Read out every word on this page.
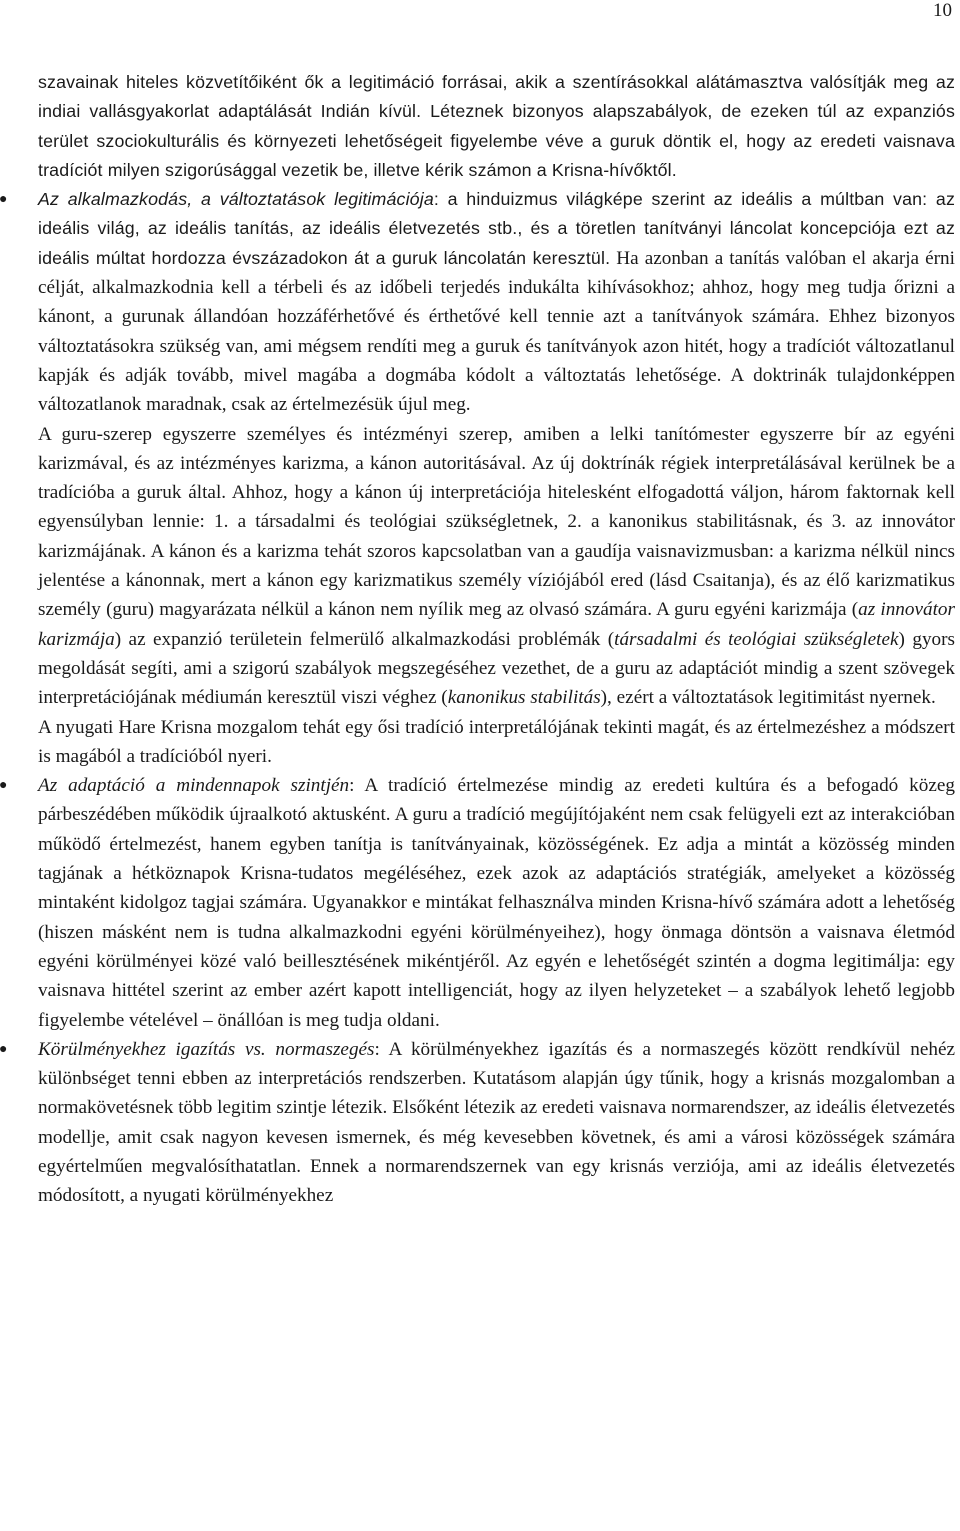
10

szavainak hiteles közvetítőiként ők a legitimáció forrásai, akik a szentírásokkal alátámasztva valósítják meg az indiai vallásgyakorlat adaptálását Indián kívül. Léteznek bizonyos alapszabályok, de ezeken túl az expanziós terület szociokulturális és környezeti lehetőségeit figyelembe véve a guruk döntik el, hogy az eredeti vaisnava tradíciót milyen szigorúsággal vezetik be, illetve kérik számon a Krisna-hívőktől.

●

Az alkalmazkodás, a változtatások legitimációja: a hinduizmus világképe szerint az ideális a múltban van: az ideális világ, az ideális tanítás, az ideális életvezetés stb., és a töretlen tanítványi láncolat koncepciója ezt az ideális múltat hordozza évszázadokon át a guruk láncolatán keresztül. Ha azonban a tanítás valóban el akarja érni célját, alkalmazkodnia kell a térbeli és az időbeli terjedés indukálta kihívásokhoz; ahhoz, hogy meg tudja őrizni a kánont, a gurunak állandóan hozzáférhetővé és érthetővé kell tennie azt a tanítványok számára. Ehhez bizonyos változtatásokra szükség van, ami mégsem rendíti meg a guruk és tanítványok azon hitét, hogy a tradíciót változatlanul kapják és adják tovább, mivel magába a dogmába kódolt a változtatás lehetősége. A doktrinák tulajdonképpen változatlanok maradnak, csak az értelmezésük újul meg.

A guru-szerep egyszerre személyes és intézményi szerep, amiben a lelki tanítómester egyszerre bír az egyéni karizmával, és az intézményes karizma, a kánon autoritásával. Az új doktrínák régiek interpretálásával kerülnek be a tradícióba a guruk által. Ahhoz, hogy a kánon új interpretációja hitelesként elfogadottá váljon, három faktornak kell egyensúlyban lennie: 1. a társadalmi és teológiai szükségletnek, 2. a kanonikus stabilitásnak, és 3. az innovátor karizmájának. A kánon és a karizma tehát szoros kapcsolatban van a gaudíja vaisnavizmusban: a karizma nélkül nincs jelentése a kánonnak, mert a kánon egy karizmatikus személy víziójából ered (lásd Csaitanja), és az élő karizmatikus személy (guru) magyarázata nélkül a kánon nem nyílik meg az olvasó számára. A guru egyéni karizmája (az innovátor karizmája) az expanzió területein felmerülő alkalmazkodási problémák (társadalmi és teológiai szükségletek) gyors megoldását segíti, ami a szigorú szabályok megszegéséhez vezethet, de a guru az adaptációt mindig a szent szövegek interpretációjának médiumán keresztül viszi véghez (kanonikus stabilitás), ezért a változtatások legitimitást nyernek.

A nyugati Hare Krisna mozgalom tehát egy ősi tradíció interpretálójának tekinti magát, és az értelmezéshez a módszert is magából a tradícióból nyeri.

●

Az adaptáció a mindennapok szintjén: A tradíció értelmezése mindig az eredeti kultúra és a befogadó közeg párbeszédében működik újraalkotó aktusként. A guru a tradíció megújítójaként nem csak felügyeli ezt az interakcióban működő értelmezést, hanem egyben tanítja is tanítványainak, közösségének. Ez adja a mintát a közösség minden tagjának a hétköznapok Krisna-tudatos megéléséhez, ezek azok az adaptációs stratégiák, amelyeket a közösség mintaként kidolgoz tagjai számára. Ugyanakkor e mintákat felhasználva minden Krisna-hívő számára adott a lehetőség (hiszen másként nem is tudna alkalmazkodni egyéni körülményeihez), hogy önmaga döntsön a vaisnava életmód egyéni körülményei közé való beillesztésének mikéntjéről. Az egyén e lehetőségét szintén a dogma legitimálja: egy vaisnava hittétel szerint az ember azért kapott intelligenciát, hogy az ilyen helyzeteket – a szabályok lehető legjobb figyelembe vételével – önállóan is meg tudja oldani.

●

Körülményekhez igazítás vs. normaszegés: A körülményekhez igazítás és a normaszegés között rendkívül nehéz különbséget tenni ebben az interpretációs rendszerben. Kutatásom alapján úgy tűnik, hogy a krisnás mozgalomban a normakövetésnek több legitim szintje létezik. Elsőként létezik az eredeti vaisnava normarendszer, az ideális életvezetés modellje, amit csak nagyon kevesen ismernek, és még kevesebben követnek, és ami a városi közösségek számára egyértelműen megvalósíthatatlan. Ennek a normarendszernek van egy krisnás verziója, ami az ideális életvezetés módosított, a nyugati körülményekhez
